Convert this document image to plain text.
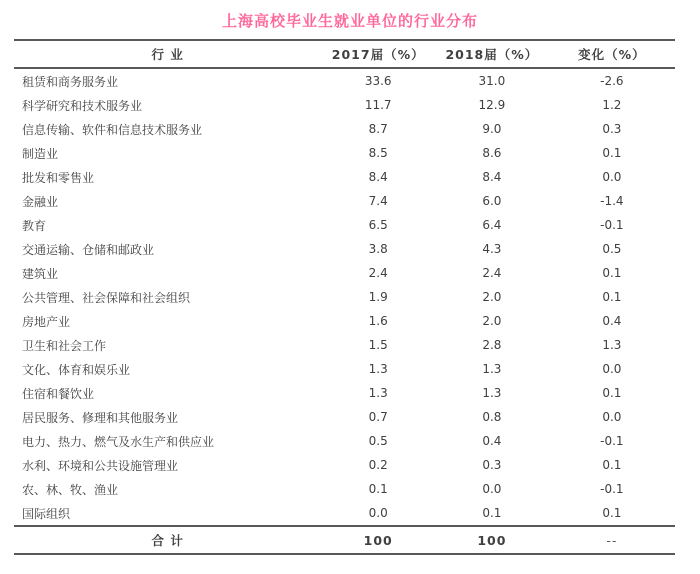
上海高校毕业生就业单位的行业分布
行 业	2017届（%）	2018届（%）	变化（%）
租赁和商务服务业	33.6	31.0	-2.6
科学研究和技术服务业	11.7	12.9	1.2
信息传输、软件和信息技术服务业	8.7	9.0	0.3
制造业	8.5	8.6	0.1
批发和零售业	8.4	8.4	0.0
金融业	7.4	6.0	-1.4
教育	6.5	6.4	-0.1
交通运输、仓储和邮政业	3.8	4.3	0.5
建筑业	2.4	2.4	0.1
公共管理、社会保障和社会组织	1.9	2.0	0.1
房地产业	1.6	2.0	0.4
卫生和社会工作	1.5	2.8	1.3
文化、体育和娱乐业	1.3	1.3	0.0
住宿和餐饮业	1.3	1.3	0.1
居民服务、修理和其他服务业	0.7	0.8	0.0
电力、热力、燃气及水生产和供应业	0.5	0.4	-0.1
水利、环境和公共设施管理业	0.2	0.3	0.1
农、林、牧、渔业	0.1	0.0	-0.1
国际组织	0.0	0.1	0.1
合 计	100	100	--
